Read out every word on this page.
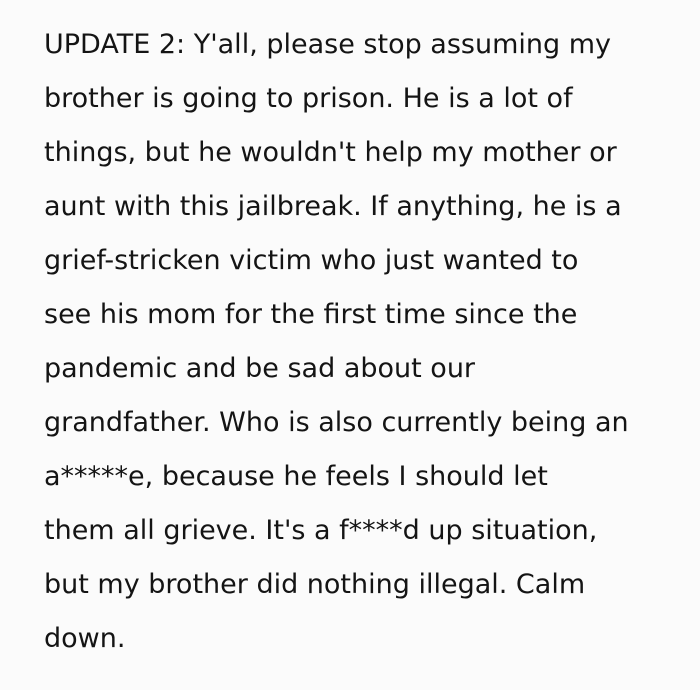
UPDATE 2: Y'all, please stop assuming my
brother is going to prison. He is a lot of
things, but he wouldn't help my mother or
aunt with this jailbreak. If anything, he is a
grief-stricken victim who just wanted to
see his mom for the first time since the
pandemic and be sad about our
grandfather. Who is also currently being an
a*****e, because he feels I should let
them all grieve. It's a f****d up situation,
but my brother did nothing illegal. Calm
down.
